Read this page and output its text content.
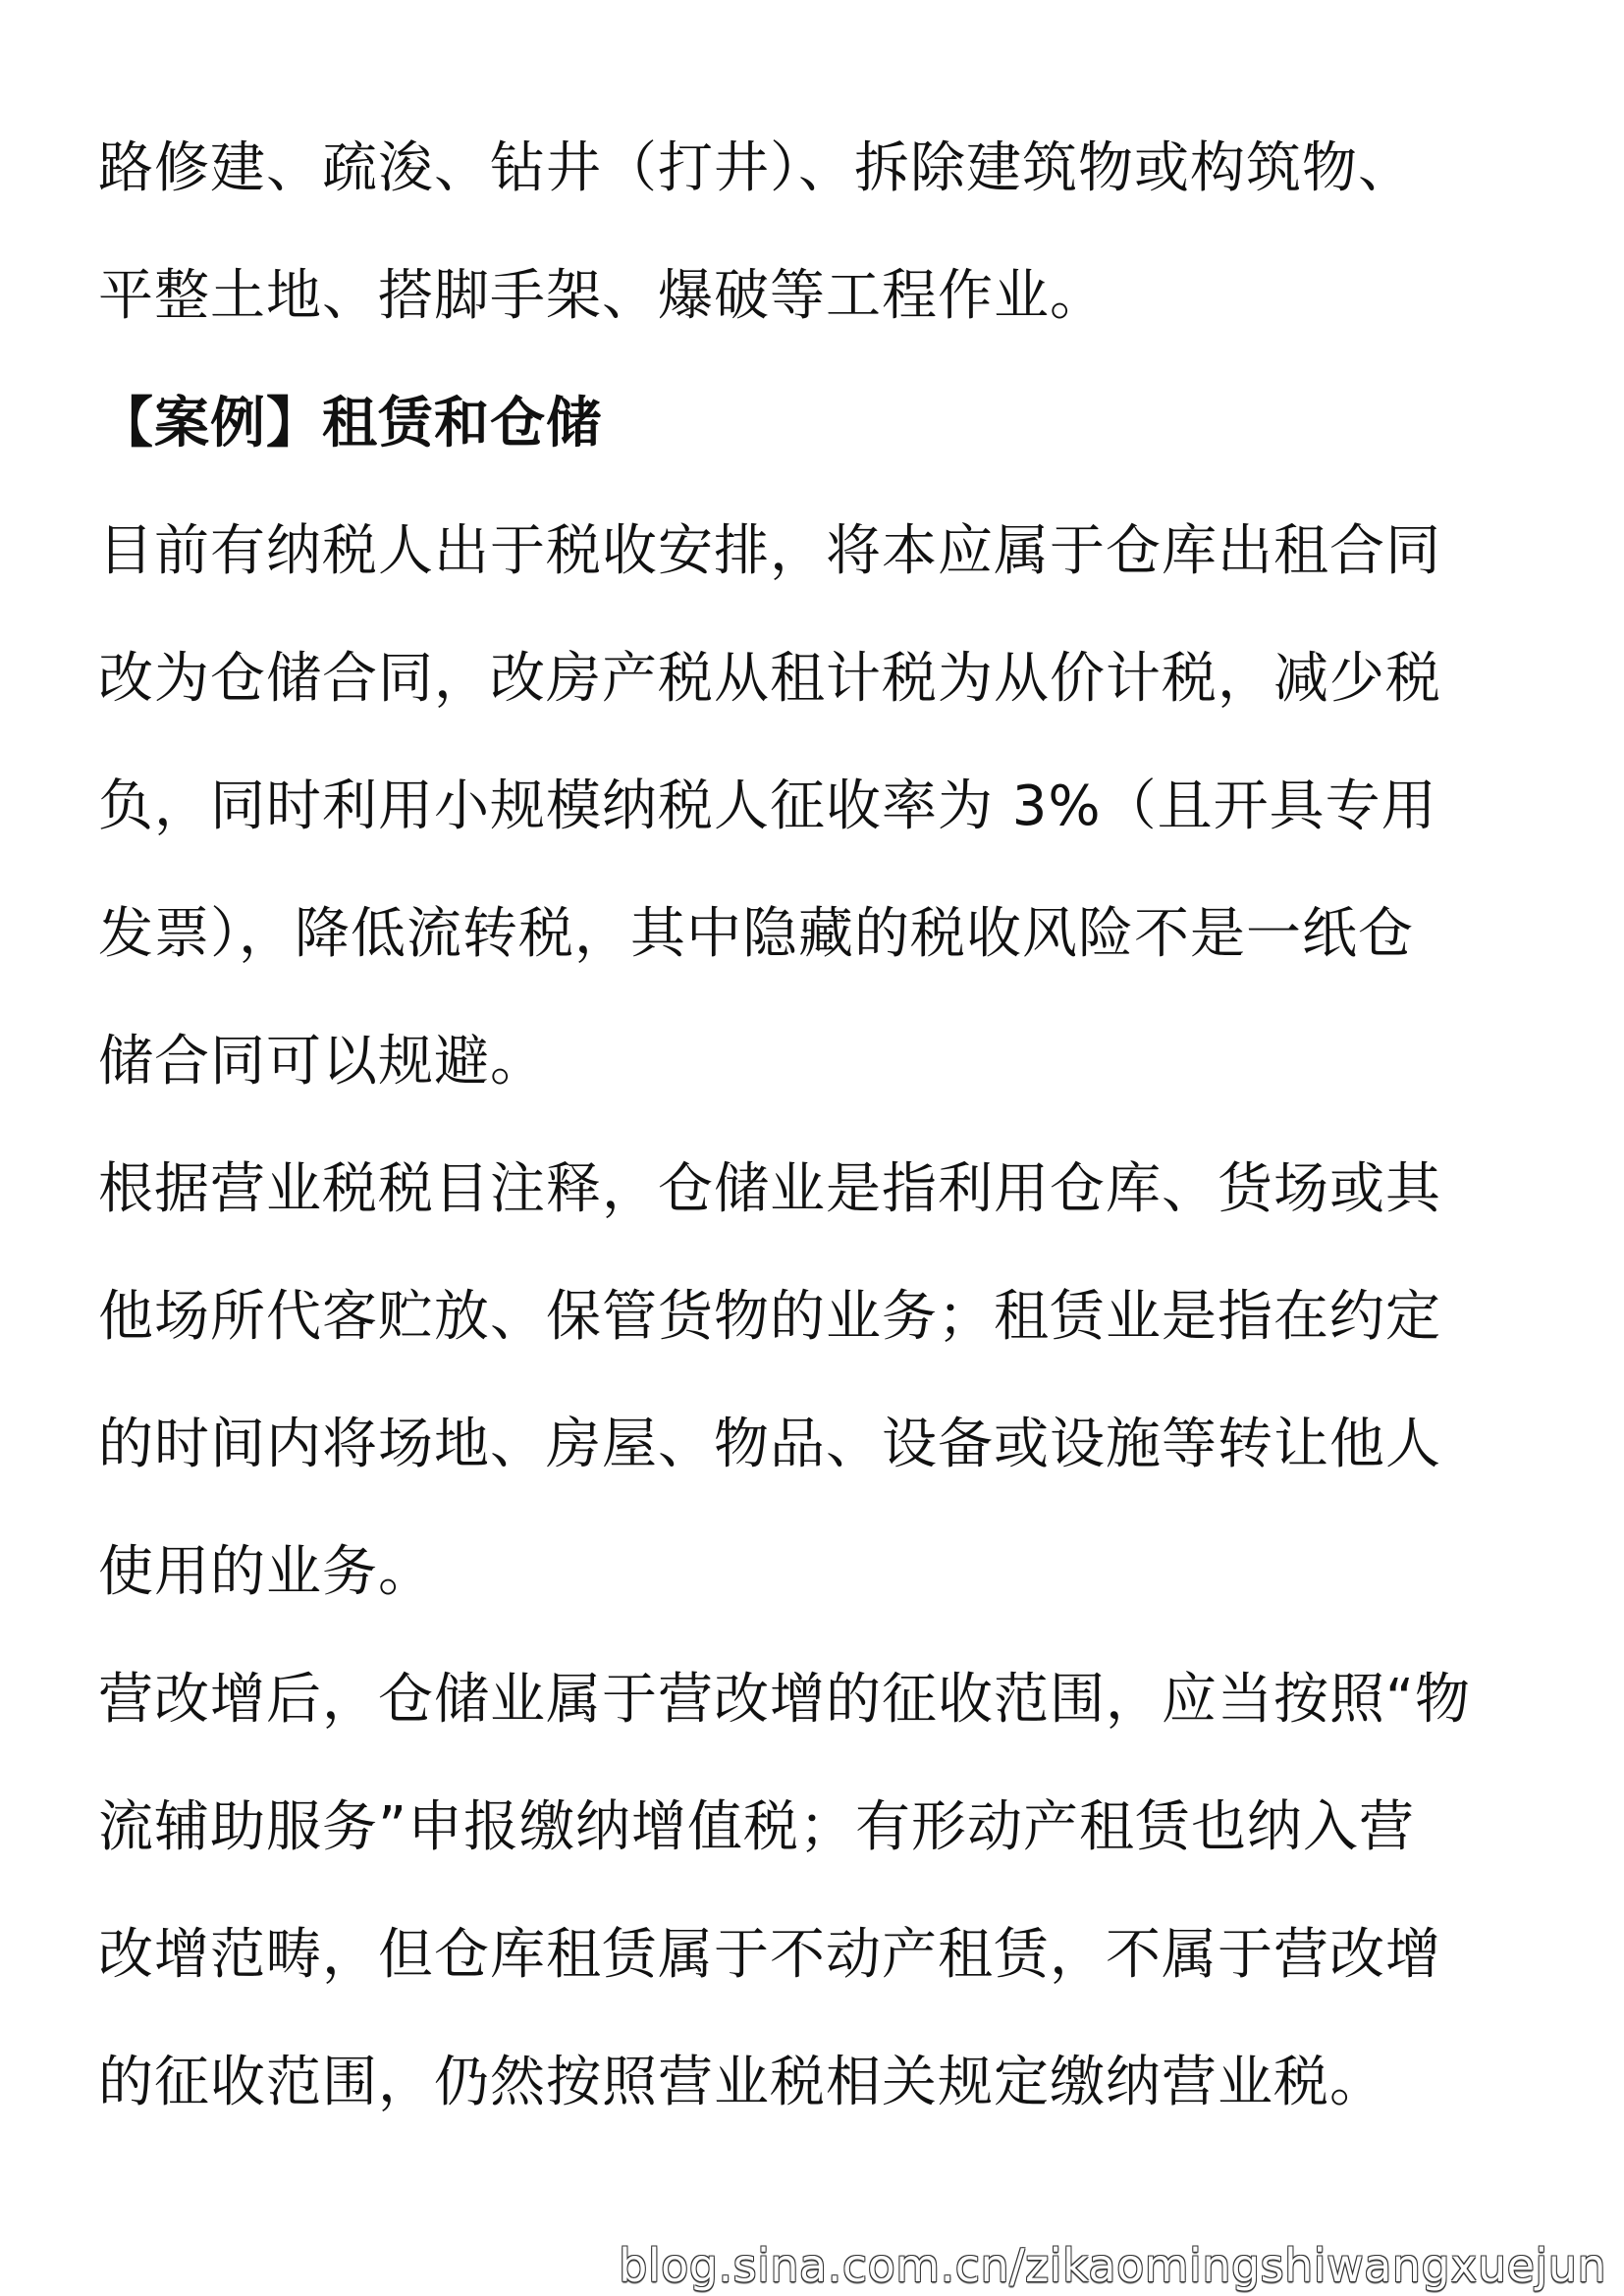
路修建、疏浚、钻井（打井）、拆除建筑物或构筑物、
平整土地、搭脚手架、爆破等工程作业。
【案例】租赁和仓储
目前有纳税人出于税收安排，将本应属于仓库出租合同
改为仓储合同，改房产税从租计税为从价计税，减少税
负，同时利用小规模纳税人征收率为 3%（且开具专用
发票），降低流转税，其中隐藏的税收风险不是一纸仓
储合同可以规避。
根据营业税税目注释，仓储业是指利用仓库、货场或其
他场所代客贮放、保管货物的业务；租赁业是指在约定
的时间内将场地、房屋、物品、设备或设施等转让他人
使用的业务。
营改增后，仓储业属于营改增的征收范围，应当按照“物
流辅助服务”申报缴纳增值税；有形动产租赁也纳入营
改增范畴，但仓库租赁属于不动产租赁，不属于营改增
的征收范围，仍然按照营业税相关规定缴纳营业税。
blog.sina.com.cn/zikaomingshiwangxuejun
